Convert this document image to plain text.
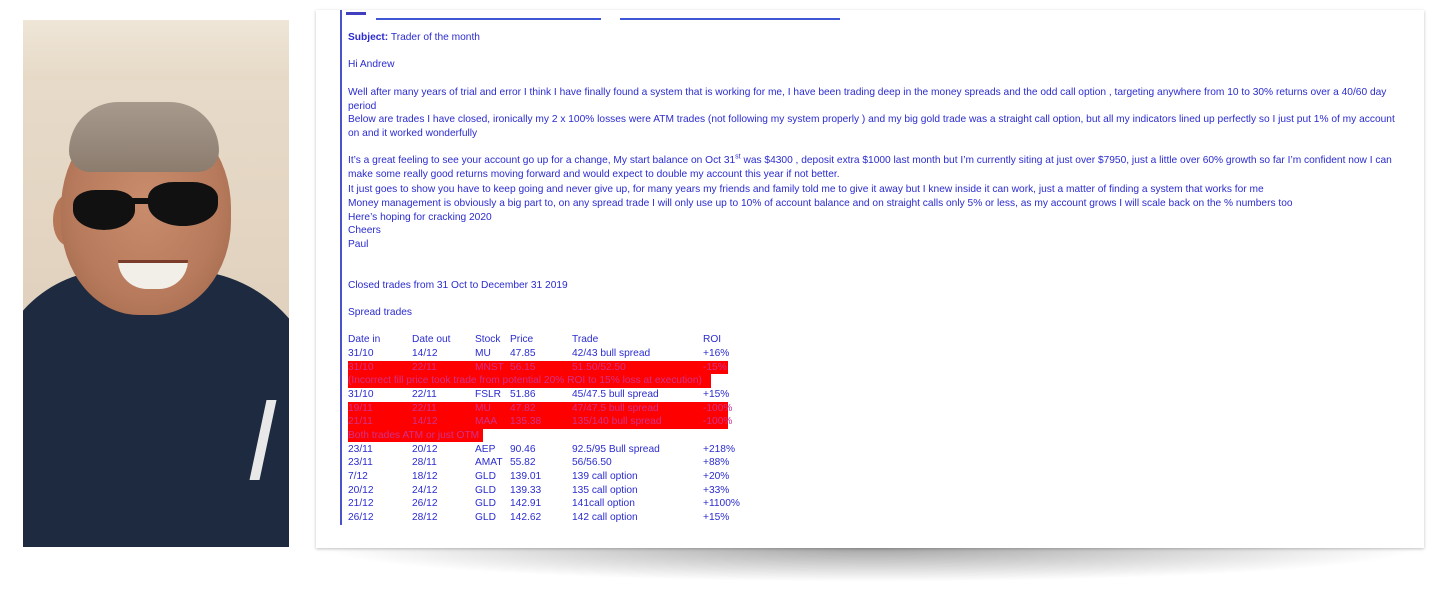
Subject: Trader of the month
Hi Andrew
Well after many years of trial and error I think I have finally found a system that is working for me, I have been trading deep in the money spreads and the odd call option , targeting anywhere from 10 to 30% returns over a 40/60 day period
Below are trades I have closed, ironically my 2 x 100% losses were ATM trades (not following my system properly ) and my big gold trade was a straight call option, but all my indicators lined up perfectly so I just put 1% of my account on and it worked wonderfully
It’s a great feeling to see your account go up for a change, My start balance on Oct 31st was $4300 , deposit extra $1000 last month but I’m currently siting at just over $7950, just a little over 60% growth so far I’m confident now I can make some really good returns moving forward and would expect to double my account this year if not better.
It just goes to show you have to keep going and never give up, for many years my friends and family told me to give it away but I knew inside it can work, just a matter of finding a system that works for me
Money management is obviously a big part to, on any spread trade I will only use up to 10% of account balance and on straight calls only 5% or less, as my account grows I will scale back on the % numbers too
Here’s hoping for cracking 2020
Cheers
Paul
Closed trades from 31 Oct to December 31 2019
Spread trades
Date in	Date out Stock Price	Trade	ROI
31/10	14/12	MU 47.85	42/43 bull spread	+16%
31/10	22/11	MNST 56.15	51.50/52.50	-15%
(Incorrect fill price took trade from potential 20% ROI to 15% loss at execution)
31/10	22/11	FSLR 51.86	45/47.5 bull spread	+15%
19/11	22/11	MU 47.82	47/47.5 bull spread	-100%
21/11	14/12	MAA 135.38	135/140 bull spread	-100%
Both trades ATM or just OTM
23/11	20/12	AEP 90.46	92.5/95 Bull spread	+218%
23/11	28/11	AMAT 55.82	56/56.50	+88%
7/12	18/12	GLD 139.01	139 call option	+20%
20/12	24/12	GLD 139.33	135 call option	+33%
21/12	26/12	GLD 142.91	141call option	+1100%
26/12	28/12	GLD 142.62	142 call option	+15%
